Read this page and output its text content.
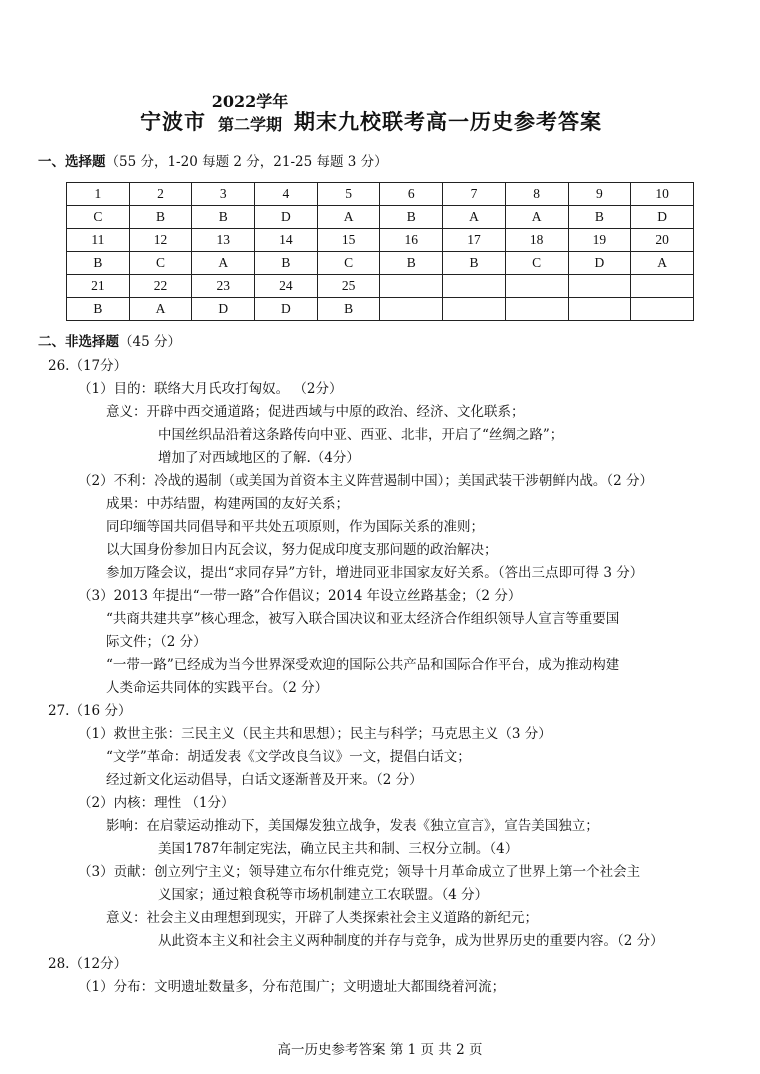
宁波市
2022学年
第二学期 期末九校联考高一历史参考答案
一、选择题（55 分，1-20 每题 2 分，21-25 每题 3 分）
1	2	3	4	5	6	7	8	9	10
C	B	B	D	A	B	A	A	B	D
11	12	13	14	15	16	17	18	19	20
B	C	A	B	C	B	B	C	D	A
21	22	23	24	25					
B	A	D	D	B					
二、非选择题（45 分）
26.（17分）
（1）目的：联络大月氏攻打匈奴。 （2分）
意义：开辟中西交通道路；促进西域与中原的政治、经济、文化联系；
中国丝织品沿着这条路传向中亚、西亚、北非，开启了“丝绸之路”；
增加了对西域地区的了解.（4分）
（2）不利：冷战的遏制（或美国为首资本主义阵营遏制中国）；美国武装干涉朝鲜内战。（2 分）
成果：中苏结盟，构建两国的友好关系；
同印缅等国共同倡导和平共处五项原则，作为国际关系的准则；
以大国身份参加日内瓦会议，努力促成印度支那问题的政治解决；
参加万隆会议，提出“求同存异”方针，增进同亚非国家友好关系。（答出三点即可得 3 分）
（3）2013 年提出“一带一路”合作倡议；2014 年设立丝路基金；（2 分）
“共商共建共享”核心理念，被写入联合国决议和亚太经济合作组织领导人宣言等重要国
际文件；（2 分）
“一带一路”已经成为当今世界深受欢迎的国际公共产品和国际合作平台，成为推动构建
人类命运共同体的实践平台。（2 分）
27.（16 分）
（1）救世主张：三民主义（民主共和思想）；民主与科学；马克思主义（3 分）
“文学”革命：胡适发表《文学改良刍议》一文，提倡白话文；
经过新文化运动倡导，白话文逐渐普及开来。（2 分）
（2）内核：理性 （1分）
影响：在启蒙运动推动下，美国爆发独立战争，发表《独立宣言》，宣告美国独立；
美国1787年制定宪法，确立民主共和制、三权分立制。（4）
（3）贡献：创立列宁主义；领导建立布尔什维克党；领导十月革命成立了世界上第一个社会主
义国家；通过粮食税等市场机制建立工农联盟。（4 分）
意义：社会主义由理想到现实，开辟了人类探索社会主义道路的新纪元；
从此资本主义和社会主义两种制度的并存与竞争，成为世界历史的重要内容。（2 分）
28.（12分）
（1）分布：文明遗址数量多，分布范围广；文明遗址大都围绕着河流；
高一历史参考答案 第 1 页 共 2 页
